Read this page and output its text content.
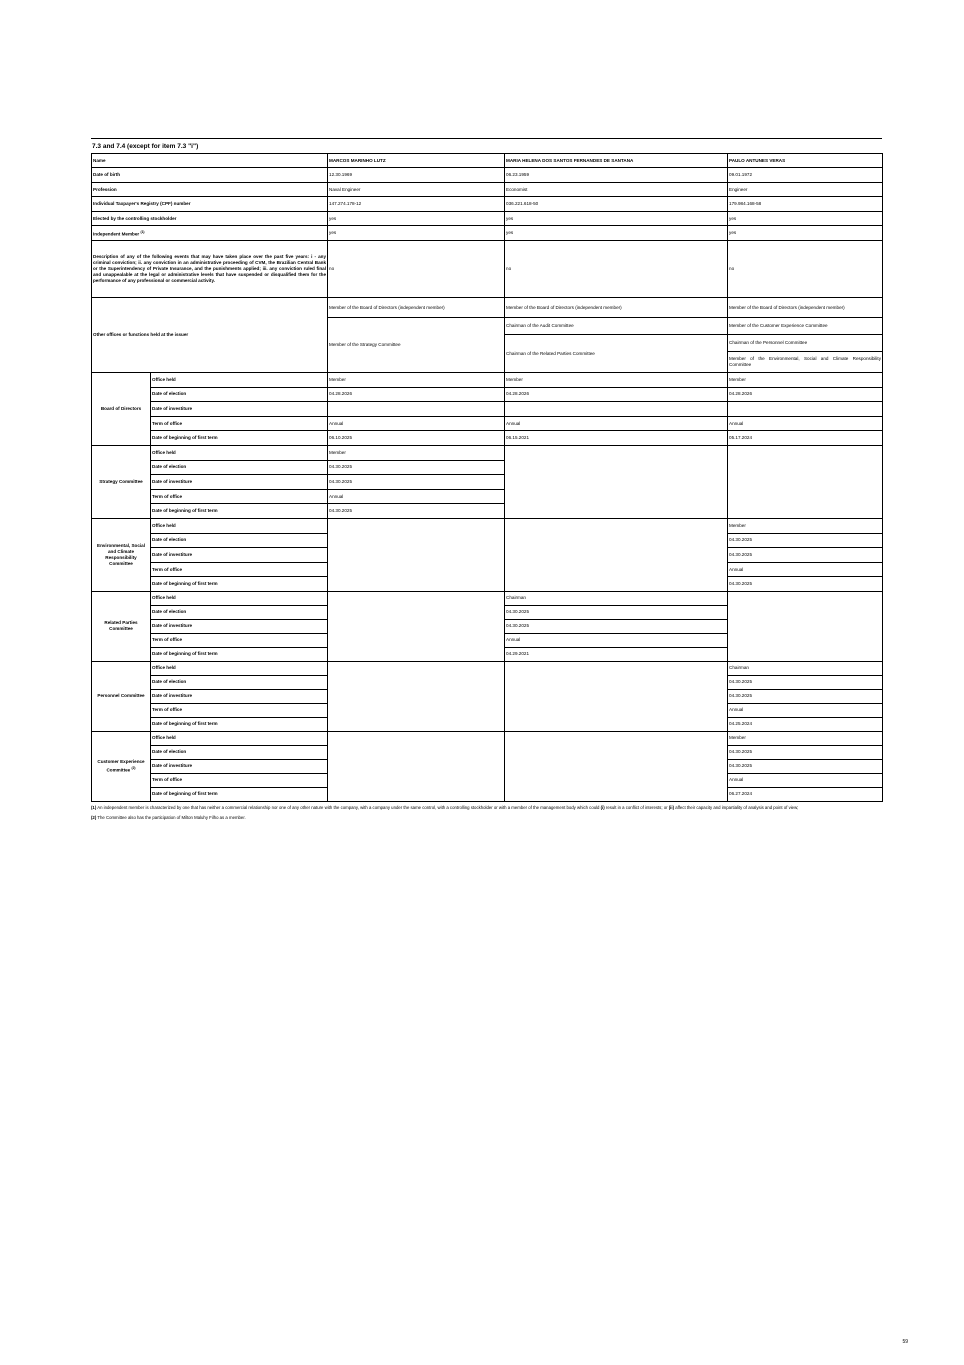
7.3 and 7.4 (except for item 7.3 "i")
Name		MARCOS MARINHO LUTZ	MARIA HELENA DOS SANTOS FERNANDES DE SANTANA	PAULO ANTUNES VERAS
Date of birth		12.30.1969	06.23.1959	09.01.1972
Profession		Naval Engineer	Economist	Engineer
Individual Taxpayer's Registry (CPF) number		147.274.178-12	036.221.618-50	179.984.168-58
Elected by the controlling stockholder		yes	yes	yes
Independent Member $^{(1)}$		yes	yes	yes
Description of any of the following events that may have taken place over the past five years: i - any criminal conviction; ii. any conviction in an administrative proceeding of CVM, the Brazilian Central Bank or the Superintendency of Private Insurance, and the punishments applied; iii. any conviction ruled final and unappealable at the legal or administrative levels that have suspended or disqualified them for the performance of any professional or commercial activity.		no	no	no
Other offices or functions held at the issuer		Member of the Board of Directors (independent member)	Member of the Board of Directors (independent member)	Member of the Board of Directors (independent member)
		Member of the Strategy Committee	Chairman of the Audit Committee	Member of the Customer Experience Committee
			Chairman of the Related Parties Committee	Chairman of the Personnel Committee
				Member of the Environmental, Social and Climate Responsibility Committee
Board of Directors	Office held	Member	Member	Member
	Date of election	04.28.2026	04.28.2026	04.28.2026
	Date of investiture			
	Term of office	Annual	Annual	Annual
	Date of beginning of first term	06.10.2025	06.15.2021	05.17.2024
Strategy Committee	Office held	Member		
	Date of election	04.30.2025		
	Date of investiture	04.30.2025		
	Term of office	Annual		
	Date of beginning of first term	04.30.2025		
Environmental, Social and Climate Responsibility Committee	Office held			Member
	Date of election			04.30.2025
	Date of investiture			04.30.2025
	Term of office			Annual
	Date of beginning of first term			04.30.2025
Related Parties Committee	Office held		Chairman	
	Date of election		04.30.2025	
	Date of investiture		04.30.2025	
	Term of office		Annual	
	Date of beginning of first term		04.29.2021	
Personnel Committee	Office held			Chairman
	Date of election			04.30.2025
	Date of investiture			04.30.2025
	Term of office			Annual
	Date of beginning of first term			04.25.2024
Customer Experience Committee $^{(2)}$	Office held			Member
	Date of election			04.30.2025
	Date of investiture			04.30.2025
	Term of office			Annual
	Date of beginning of first term			06.27.2024
(1) An independent member is characterized by one that has neither a commercial relationship nor one of any other nature with the company, with a company under the same control, with a controlling stockholder or with a member of the management body which could (i) result in a conflict of interests; or (ii) affect their capacity and impartiality of analysis and point of view;
(2) The Committee also has the participation of Milton Maluhy Filho as a member.
59
